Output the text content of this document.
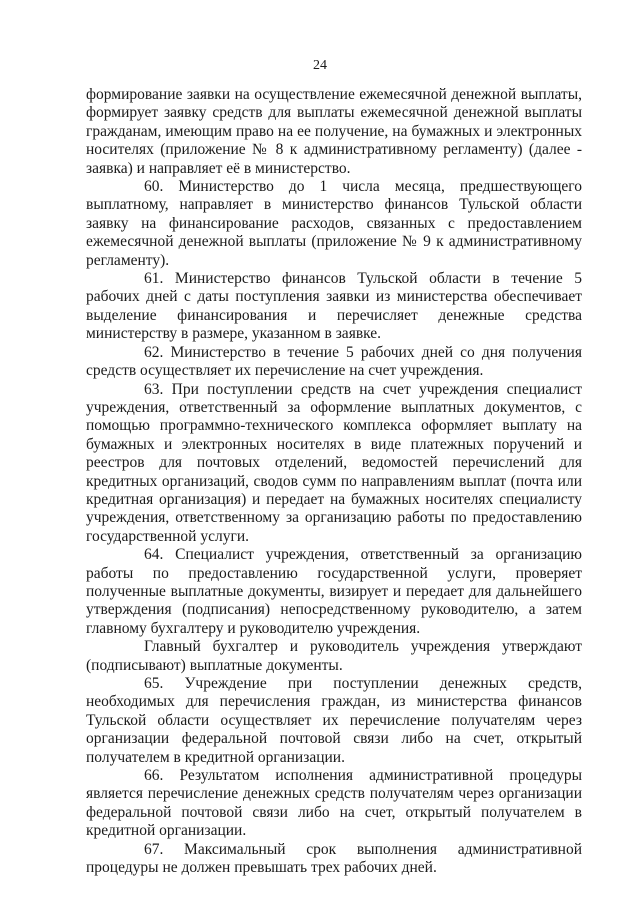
24

формирование заявки на осуществление ежемесячной денежной выплаты, формирует заявку средств для выплаты ежемесячной денежной выплаты гражданам, имеющим право на ее получение, на бумажных и электронных носителях (приложение № 8 к административному регламенту) (далее - заявка) и направляет её в министерство.

60. Министерство до 1 числа месяца, предшествующего выплатному, направляет в министерство финансов Тульской области заявку на финансирование расходов, связанных с предоставлением ежемесячной денежной выплаты (приложение № 9 к административному регламенту).

61. Министерство финансов Тульской области в течение 5 рабочих дней с даты поступления заявки из министерства обеспечивает выделение финансирования и перечисляет денежные средства министерству в размере, указанном в заявке.

62. Министерство в течение 5 рабочих дней со дня получения средств осуществляет их перечисление на счет учреждения.

63. При поступлении средств на счет учреждения специалист учреждения, ответственный за оформление выплатных документов, с помощью программно-технического комплекса оформляет выплату на бумажных и электронных носителях в виде платежных поручений и реестров для почтовых отделений, ведомостей перечислений для кредитных организаций, сводов сумм по направлениям выплат (почта или кредитная организация) и передает на бумажных носителях специалисту учреждения, ответственному за организацию работы по предоставлению государственной услуги.

64. Специалист учреждения, ответственный за организацию работы по предоставлению государственной услуги, проверяет полученные выплатные документы, визирует и передает для дальнейшего утверждения (подписания) непосредственному руководителю, а затем главному бухгалтеру и руководителю учреждения.

Главный бухгалтер и руководитель учреждения утверждают (подписывают) выплатные документы.

65. Учреждение при поступлении денежных средств, необходимых для перечисления граждан, из министерства финансов Тульской области осуществляет их перечисление получателям через организации федеральной почтовой связи либо на счет, открытый получателем в кредитной организации.

66. Результатом исполнения административной процедуры является перечисление денежных средств получателям через организации федеральной почтовой связи либо на счет, открытый получателем в кредитной организации.

67. Максимальный срок выполнения административной процедуры не должен превышать трех рабочих дней.
